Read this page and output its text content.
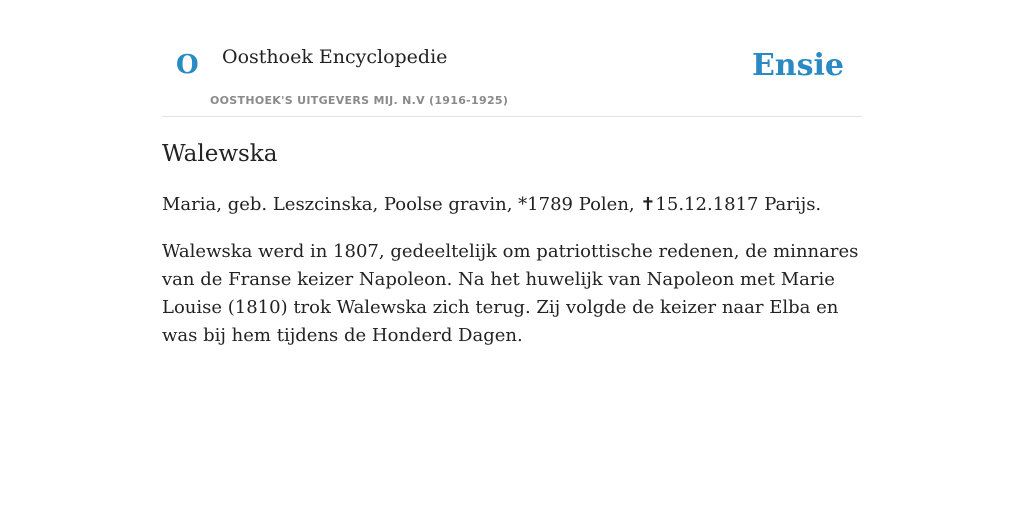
O Oosthoek Encyclopedie
OOSTHOEK'S UITGEVERS MIJ. N.V (1916-1925)
Ensie
Walewska

Maria, geb. Leszcinska, Poolse gravin, *1789 Polen, ✝15.12.1817 Parijs.

Walewska werd in 1807, gedeeltelijk om patriottische redenen, de minnares van de Franse keizer Napoleon. Na het huwelijk van Napoleon met Marie Louise (1810) trok Walewska zich terug. Zij volgde de keizer naar Elba en was bij hem tijdens de Honderd Dagen.
